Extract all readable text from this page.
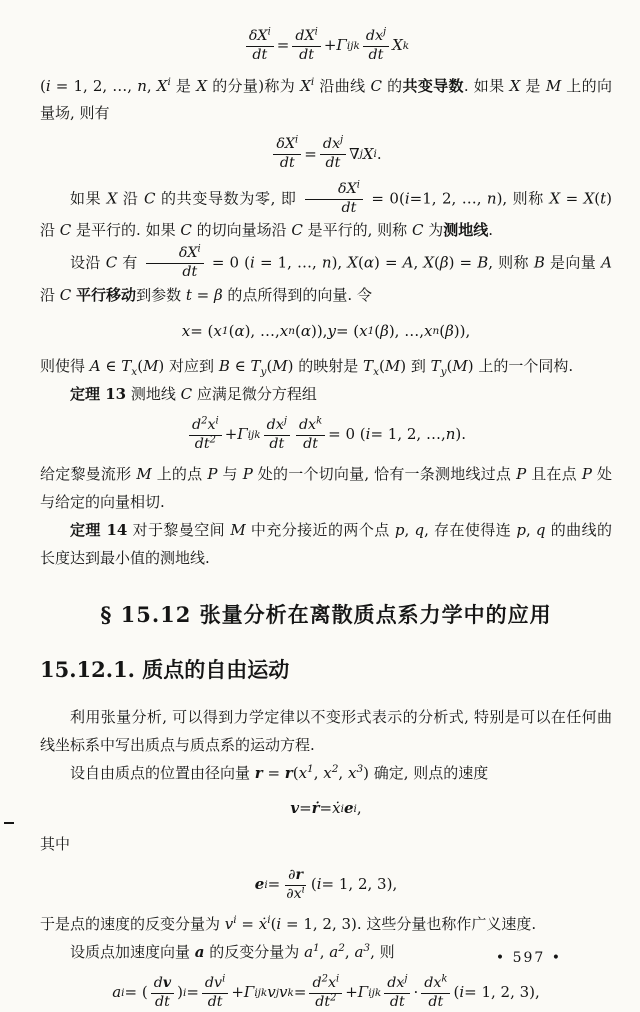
$\frac{\delta X^i}{dt} = \frac{dX^i}{dt} + \Gamma$ i jk $\frac{dx^j}{dt}$ X k

(i = 1, 2, …, n, $X^i$ 是 X 的分量)称为 $X^i$ 沿曲线 C 的共变导数. 如果 X 是 M 上的向量场, 则有

$\frac{\delta X^i}{dt} = \frac{dx^j}{dt}$ ∇ j X i .

如果 X 沿 C 的共变导数为零, 即 $\frac{\delta X^i}{dt} = 0(i=1$, 2, …, n), 则称 X = X(t) 沿 C 是平行的. 如果 C 的切向量场沿 C 是平行的, 则称 C 为测地线.

设沿 C 有 $\frac{\delta X^i}{dt} = 0$ (i = 1, …, n), X(α) = A, X(β) = B, 则称 B 是向量 A 沿 C 平行移动到参数 t = β 的点所得到的向量. 令

x = ( x 1 ( α ), …, x n ( α )), y = ( x 1 ( β ), …, x n ( β )),

则使得 A ∈ $T_x(M)$ 对应到 B ∈ $T_y(M)$ 的映射是 $T_x(M)$ 到 $T_y(M)$ 上的一个同构.

定理 13 测地线 C 应满足微分方程组

$\frac{d^2x^i}{dt^2} + \Gamma$ i jk $\frac{dx^j}{dt} \frac{dx^k}{dt} = 0$ ( i = 1, 2, …, n ).

给定黎曼流形 M 上的点 P 与 P 处的一个切向量, 恰有一条测地线过点 P 且在点 P 处与给定的向量相切.

定理 14 对于黎曼空间 M 中充分接近的两个点 p, q, 存在使得连 p, q 的曲线的长度达到最小值的测地线.

§ 15.12 张量分析在离散质点系力学中的应用
15.12.1. 质点的自由运动

利用张量分析, 可以得到力学定律以不变形式表示的分析式, 特别是可以在任何曲线坐标系中写出质点与质点系的运动方程.

设自由质点的位置由径向量 $r = r(x^1$, $x^2$, $x^3$) 确定, 则点的速度

v = ṙ = ẋ i e i ,

其中

e $i = \frac{\partial r}{\partial x^i}$ ( i = 1, 2, 3),

于是点的速度的反变分量为 $v^i$ = ẋ$^i$(i = 1, 2, 3). 这些分量也称作广义速度.

设质点加速度向量 a 的反变分量为 $a^1$, $a^2$, $a^3$, 则

a i = ( $\frac{dv}{dt}$ ) $i = \frac{dv^i}{dt} + \Gamma$ i jk v j v $k = \frac{d^2x^i}{dt^2} + \Gamma$ i jk $\frac{dx^j}{dt} \cdot \frac{dx^k}{dt}$ ( i = 1, 2, 3),
• 597 •
